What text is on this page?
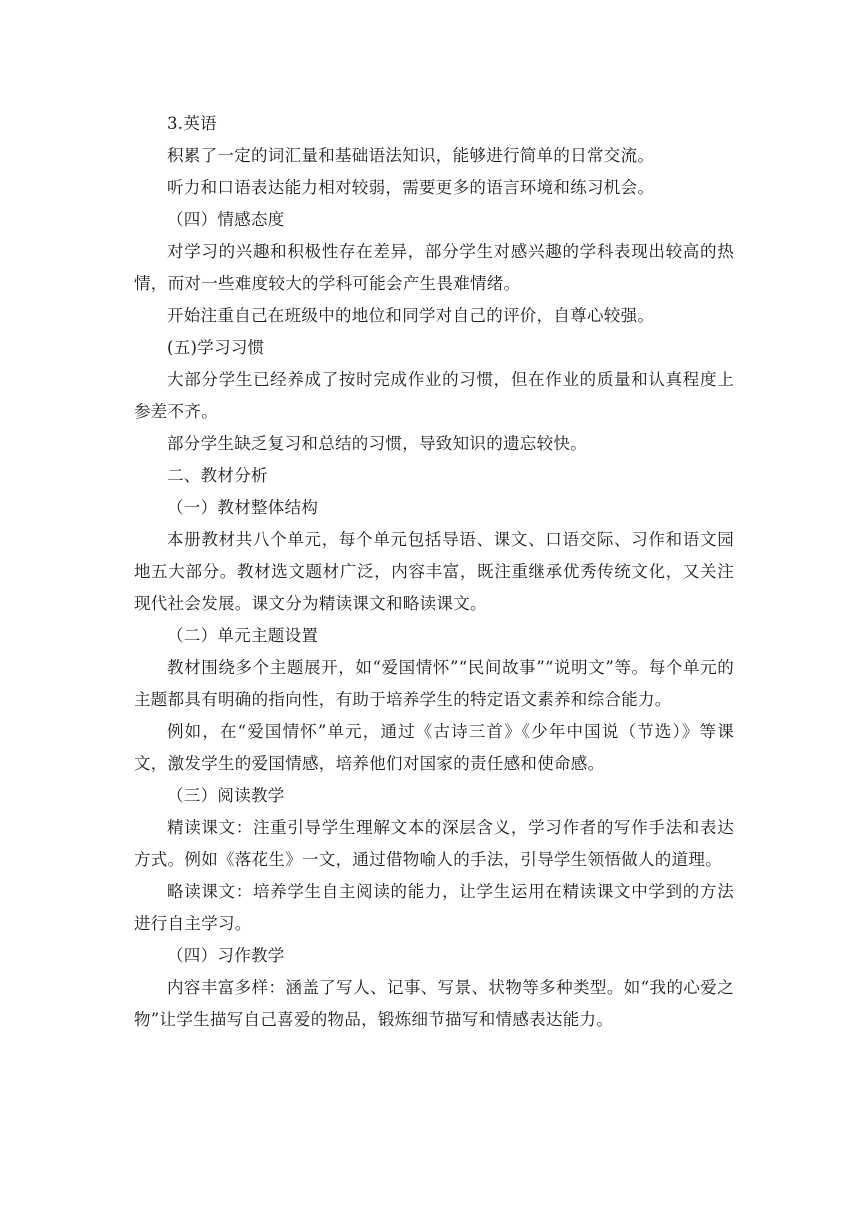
3.英语

积累了一定的词汇量和基础语法知识，能够进行简单的日常交流。

听力和口语表达能力相对较弱，需要更多的语言环境和练习机会。

（四）情感态度

对学习的兴趣和积极性存在差异，部分学生对感兴趣的学科表现出较高的热情，而对一些难度较大的学科可能会产生畏难情绪。

开始注重自己在班级中的地位和同学对自己的评价，自尊心较强。

(五)学习习惯

大部分学生已经养成了按时完成作业的习惯，但在作业的质量和认真程度上参差不齐。

部分学生缺乏复习和总结的习惯，导致知识的遗忘较快。

二、教材分析

（一）教材整体结构

本册教材共八个单元，每个单元包括导语、课文、口语交际、习作和语文园地五大部分。教材选文题材广泛，内容丰富，既注重继承优秀传统文化，又关注现代社会发展。课文分为精读课文和略读课文。

（二）单元主题设置

教材围绕多个主题展开，如“爱国情怀”“民间故事”“说明文”等。每个单元的主题都具有明确的指向性，有助于培养学生的特定语文素养和综合能力。

例如，在“爱国情怀”单元，通过《古诗三首》《少年中国说（节选）》等课文，激发学生的爱国情感，培养他们对国家的责任感和使命感。

（三）阅读教学

精读课文：注重引导学生理解文本的深层含义，学习作者的写作手法和表达方式。例如《落花生》一文，通过借物喻人的手法，引导学生领悟做人的道理。

略读课文：培养学生自主阅读的能力，让学生运用在精读课文中学到的方法进行自主学习。

（四）习作教学

内容丰富多样：涵盖了写人、记事、写景、状物等多种类型。如“我的心爱之物”让学生描写自己喜爱的物品，锻炼细节描写和情感表达能力。
